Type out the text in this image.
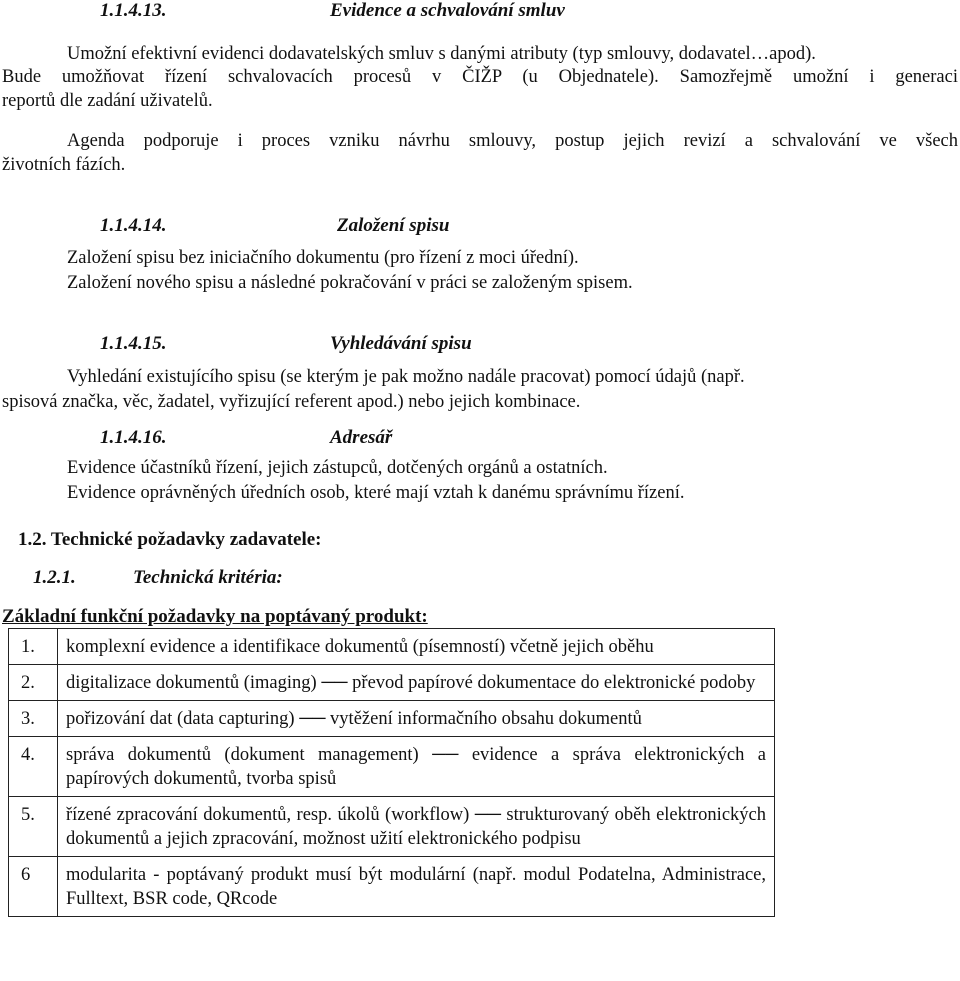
1.1.4.13.	Evidence a schvalování smluv
Umožní efektivní evidenci dodavatelských smluv s danými atributy (typ smlouvy, dodavatel…apod).
Bude umožňovat řízení schvalovacích procesů v ČIŽP (u Objednatele). Samozřejmě umožní i generaci
reportů dle zadání uživatelů.
Agenda podporuje i proces vzniku návrhu smlouvy, postup jejich revizí a schvalování ve všech
životních fázích.
1.1.4.14.	Založení spisu
Založení spisu bez iniciačního dokumentu (pro řízení z moci úřední).
Založení nového spisu a následné pokračování v práci se založeným spisem.
1.1.4.15.	Vyhledávání spisu
Vyhledání existujícího spisu (se kterým je pak možno nadále pracovat) pomocí údajů (např.
spisová značka, věc, žadatel, vyřizující referent apod.) nebo jejich kombinace.
1.1.4.16.	Adresář
Evidence účastníků řízení, jejich zástupců, dotčených orgánů a ostatních.
Evidence oprávněných úředních osob, které mají vztah k danému správnímu řízení.
1.2. Technické požadavky zadavatele:
1.2.1.	Technická kritéria:
Základní funkční požadavky na poptávaný produkt:
1.	komplexní evidence a identifikace dokumentů (písemností) včetně jejich oběhu
2.	digitalizace dokumentů (imaging) ── převod papírové dokumentace do elektronické podoby
3.	pořizování dat (data capturing) ── vytěžení informačního obsahu dokumentů
4.	správa dokumentů (dokument management) ── evidence a správa elektronických a papírových dokumentů, tvorba spisů
5.	řízené zpracování dokumentů, resp. úkolů (workflow) ── strukturovaný oběh elektronických dokumentů a jejich zpracování, možnost užití elektronického podpisu
6	modularita - poptávaný produkt musí být modulární (např. modul Podatelna, Administrace, Fulltext, BSR code, QRcode
